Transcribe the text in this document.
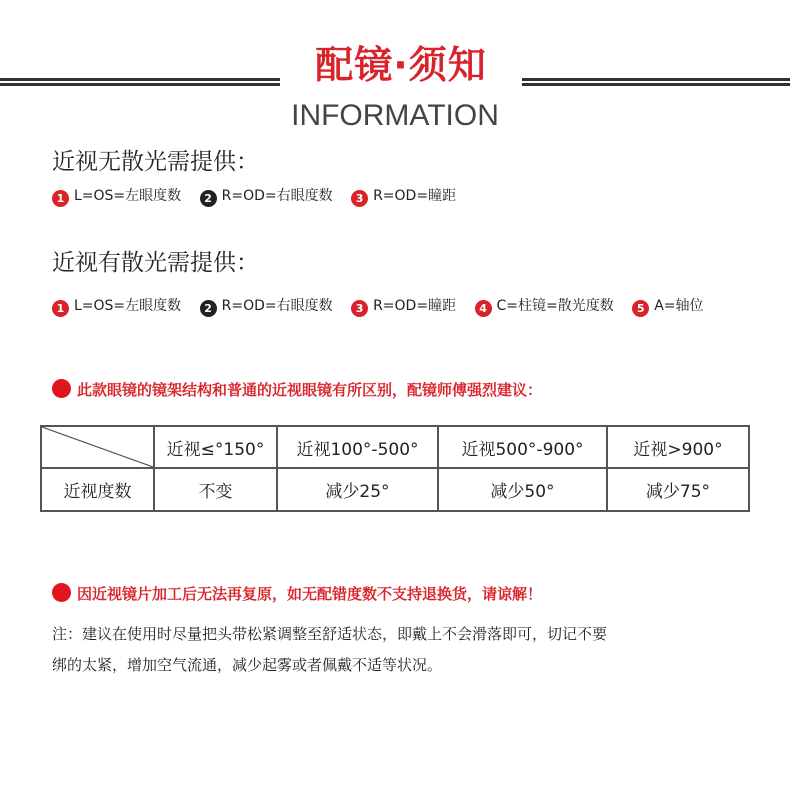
配镜·须知
INFORMATION
近视无散光需提供：
1 L=OS=左眼度数 2 R=OD=右眼度数 3 R=OD=瞳距
近视有散光需提供：
1 L=OS=左眼度数 2 R=OD=右眼度数 3 R=OD=瞳距 4 C=柱镜=散光度数 5 A=轴位
此款眼镜的镜架结构和普通的近视眼镜有所区别，配镜师傅强烈建议：
	近视≤°150°	近视100°-500°	近视500°-900°	近视>900°
近视度数	不变	减少25°	减少50°	减少75°
因近视镜片加工后无法再复原，如无配错度数不支持退换货，请谅解！
注：建议在使用时尽量把头带松紧调整至舒适状态，即戴上不会滑落即可，切记不要
绑的太紧，增加空气流通，减少起雾或者佩戴不适等状况。
